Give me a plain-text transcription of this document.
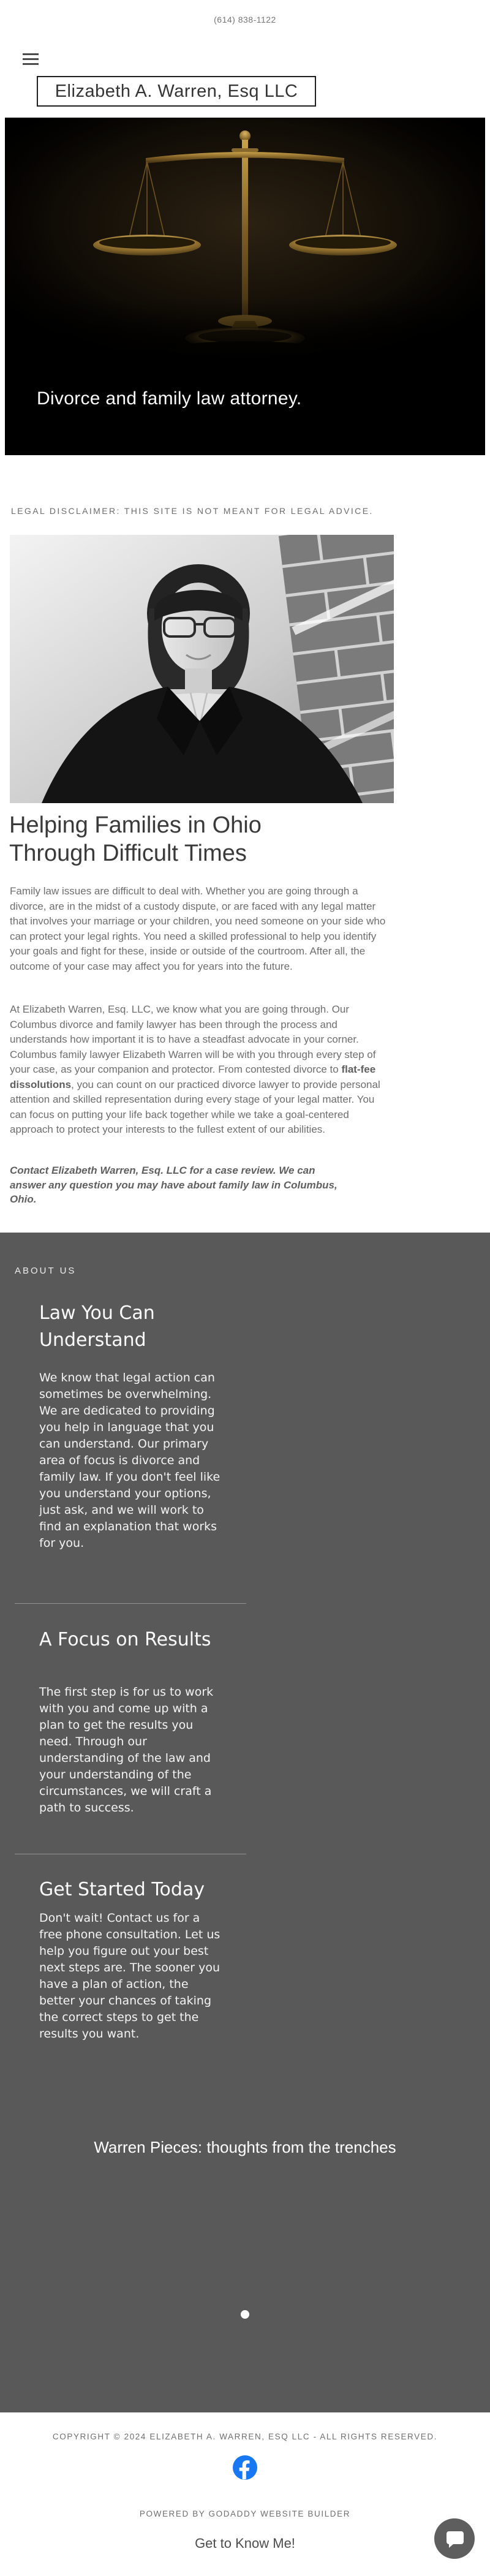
(614) 838-1122
Elizabeth A. Warren, Esq LLC
Divorce and family law attorney.
LEGAL DISCLAIMER: THIS SITE IS NOT MEANT FOR LEGAL ADVICE.
Helping Families in Ohio Through Difficult Times

Family law issues are difficult to deal with. Whether you are going through a divorce, are in the midst of a custody dispute, or are faced with any legal matter that involves your marriage or your children, you need someone on your side who can protect your legal rights. You need a skilled professional to help you identify your goals and fight for these, inside or outside of the courtroom. After all, the outcome of your case may affect you for years into the future.

At Elizabeth Warren, Esq. LLC, we know what you are going through. Our Columbus divorce and family lawyer has been through the process and understands how important it is to have a steadfast advocate in your corner. Columbus family lawyer Elizabeth Warren will be with you through every step of your case, as your companion and protector. From contested divorce to flat-fee dissolutions, you can count on our practiced divorce lawyer to provide personal attention and skilled representation during every stage of your legal matter. You can focus on putting your life back together while we take a goal-centered approach to protect your interests to the fullest extent of our abilities.

Contact Elizabeth Warren, Esq. LLC for a case review. We can answer any question you may have about family law in Columbus, Ohio.

ABOUT US
Law You Can Understand

We know that legal action can sometimes be overwhelming. We are dedicated to providing you help in language that you can understand. Our primary area of focus is divorce and family law. If you don't feel like you understand your options, just ask, and we will work to find an explanation that works for you.

A Focus on Results

The first step is for us to work with you and come up with a plan to get the results you need. Through our understanding of the law and your understanding of the circumstances, we will craft a path to success.

Get Started Today

Don't wait! Contact us for a free phone consultation. Let us help you figure out your best next steps are. The sooner you have a plan of action, the better your chances of taking the correct steps to get the results you want.

Warren Pieces: thoughts from the trenches
COPYRIGHT © 2024 ELIZABETH A. WARREN, ESQ LLC - ALL RIGHTS RESERVED.
POWERED BY GODADDY WEBSITE BUILDER
Get to Know Me!
